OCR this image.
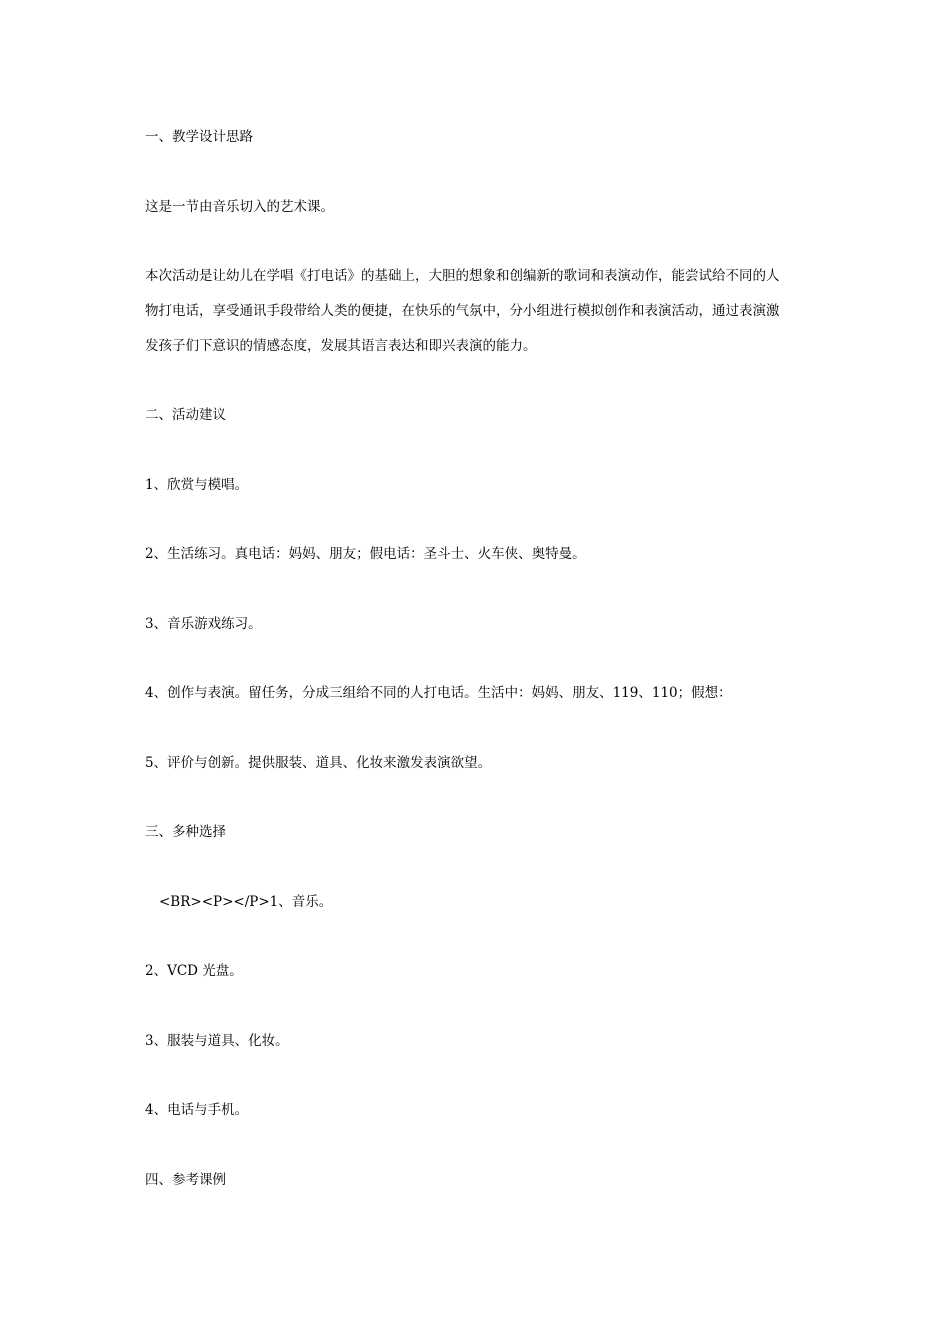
一、教学设计思路
这是一节由音乐切入的艺术课。
本次活动是让幼儿在学唱《打电话》的基础上，大胆的想象和创编新的歌词和表演动作，能尝试给不同的人
物打电话，享受通讯手段带给人类的便捷，在快乐的气氛中，分小组进行模拟创作和表演活动，通过表演激
发孩子们下意识的情感态度，发展其语言表达和即兴表演的能力。
二、活动建议
1、欣赏与模唱。
2、生活练习。真电话：妈妈、朋友；假电话：圣斗士、火车侠、奥特曼。
3、音乐游戏练习。
4、创作与表演。留任务，分成三组给不同的人打电话。生活中：妈妈、朋友、119、110；假想：
5、评价与创新。提供服装、道具、化妆来激发表演欲望。
三、多种选择
<BR><P></P>1、音乐。
2、VCD 光盘。
3、服装与道具、化妆。
4、电话与手机。
四、参考课例
